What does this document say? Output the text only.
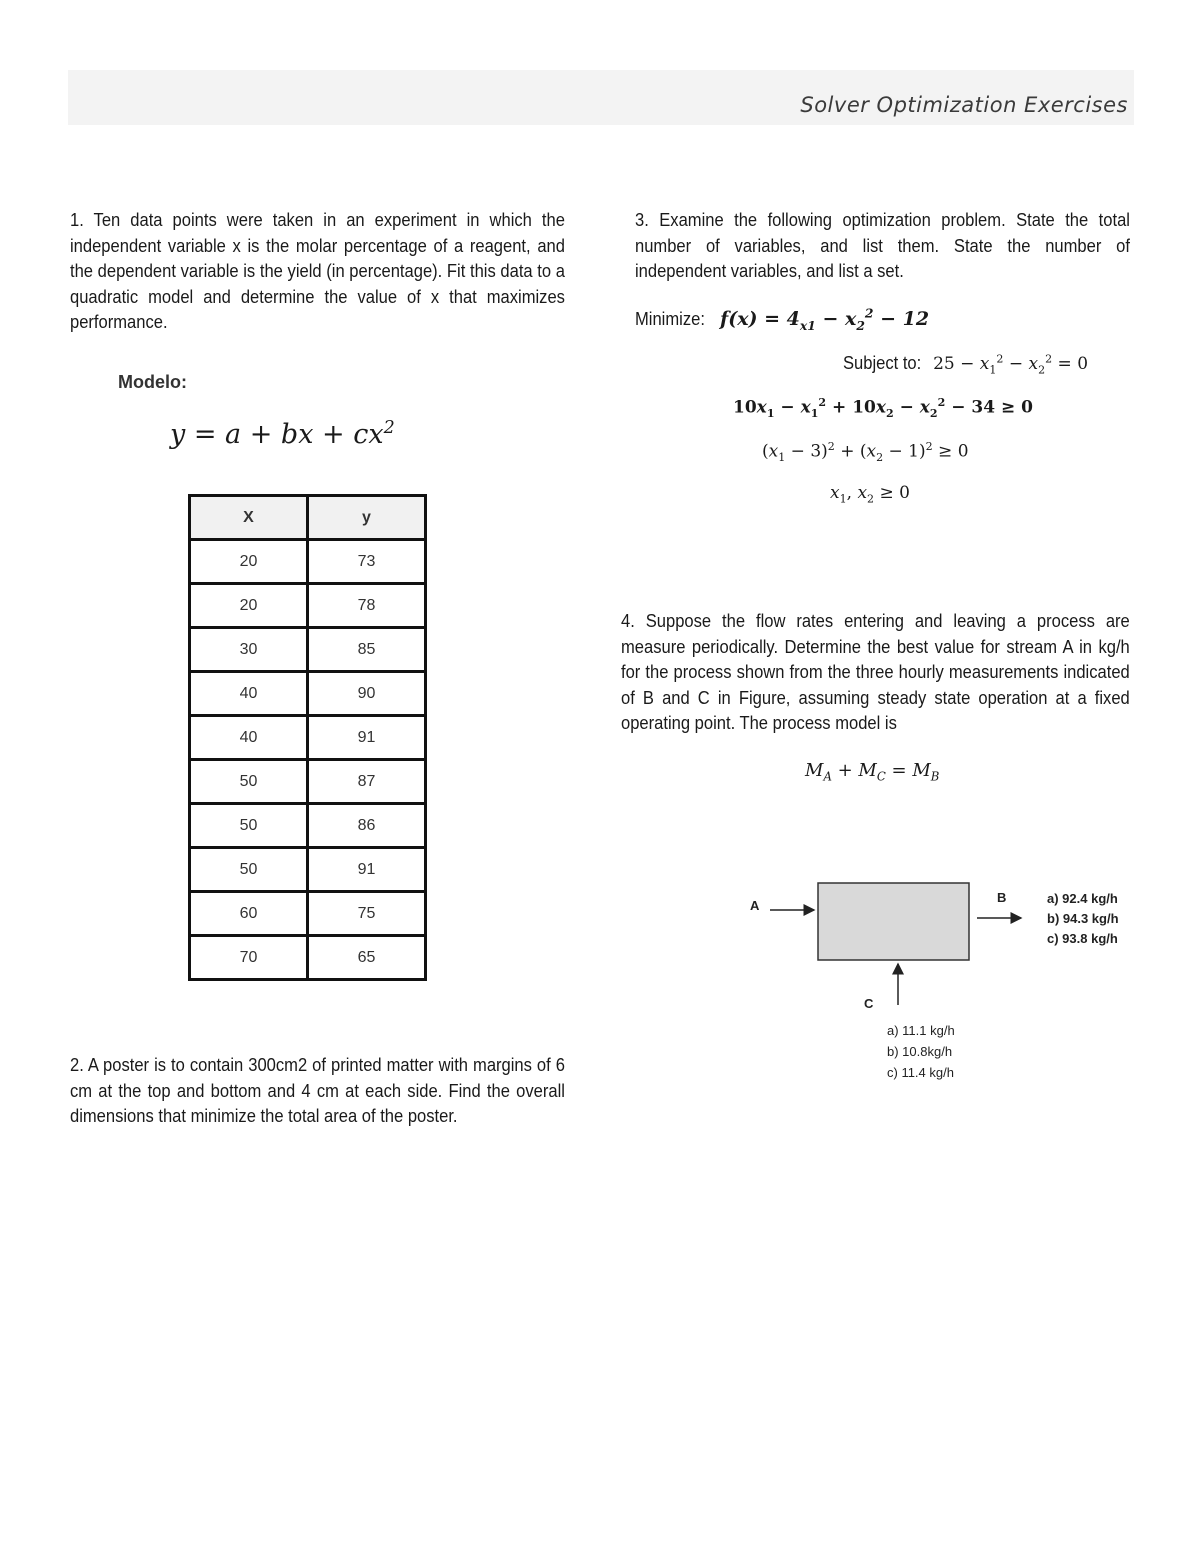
Solver Optimization Exercises
1. Ten data points were taken in an experiment in which the independent variable x is the molar percentage of a reagent, and the dependent variable is the yield (in percentage). Fit this data to a quadratic model and determine the value of x that maximizes performance.
Modelo:
y = a + bx + $cx^2$
X	y
20	73
20	78
30	85
40	90
40	91
50	87
50	86
50	91
60	75
70	65
2. A poster is to contain 300cm2 of printed matter with margins of 6 cm at the top and bottom and 4 cm at each side. Find the overall dimensions that minimize the total area of the poster.
3. Examine the following optimization problem. State the total number of variables, and list them. State the number of independent variables, and list a set.
Minimize: $f(x) = 4_{x1} - x_2^2 - 12$
Subject to: $25 - x_1^2 - x_2^2 = 0$
$10x_1 - x_1^2 + 10x_2 - x_2^2 - 34 \ge 0$
$(x_1 - 3)^2 + (x_2 - 1)^2 \ge 0$
$x_1$, $x_2 \ge 0$
4. Suppose the flow rates entering and leaving a process are measure periodically. Determine the best value for stream A in kg/h for the process shown from the three hourly measurements indicated of B and C in Figure, assuming steady state operation at a fixed operating point. The process model is
$M_A + M_C = M_B$
A
B	a) 92.4 kg/h
b) 94.3 kg/h
c) 93.8 kg/h
C
a) 11.1 kg/h
b) 10.8kg/h
c) 11.4 kg/h
